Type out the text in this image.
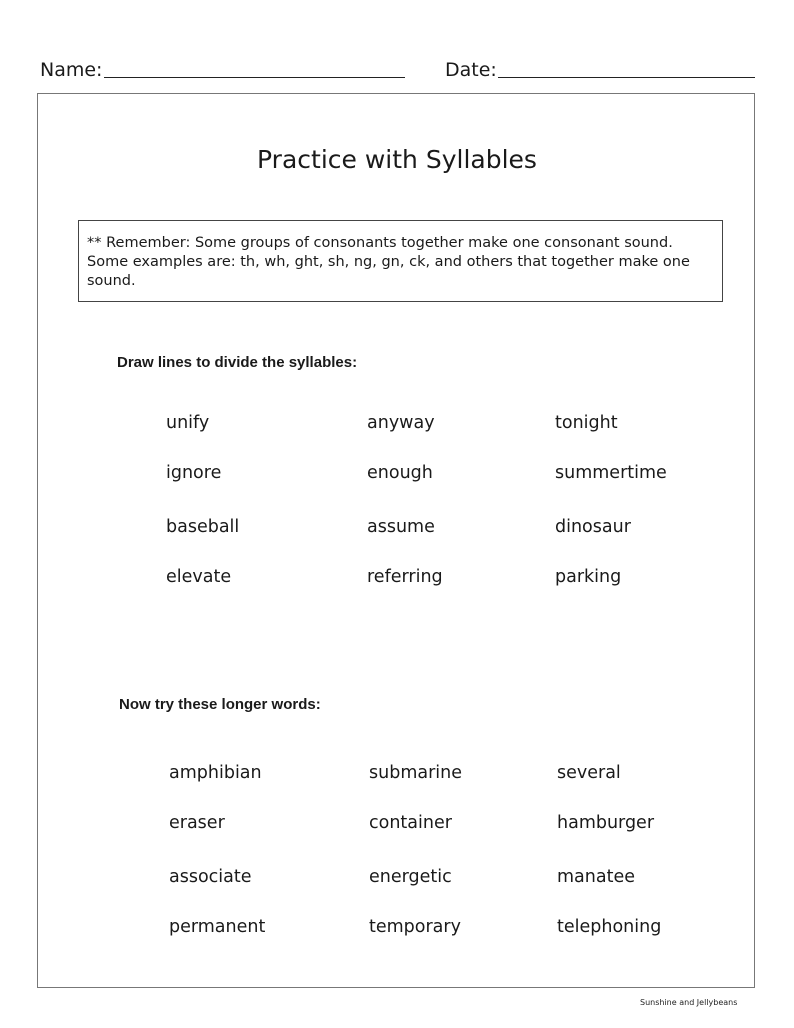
Name:	Date:
Practice with Syllables
** Remember: Some groups of consonants together make one consonant sound. Some examples are: th, wh, ght, sh, ng, gn, ck, and others that together make one sound.
Draw lines to divide the syllables:
unify	anyway	tonight
ignore	enough	summertime
baseball	assume	dinosaur
elevate	referring	parking
Now try these longer words:
amphibian	submarine	several
eraser	container	hamburger
associate	energetic	manatee
permanent	temporary	telephoning
Sunshine and Jellybeans
